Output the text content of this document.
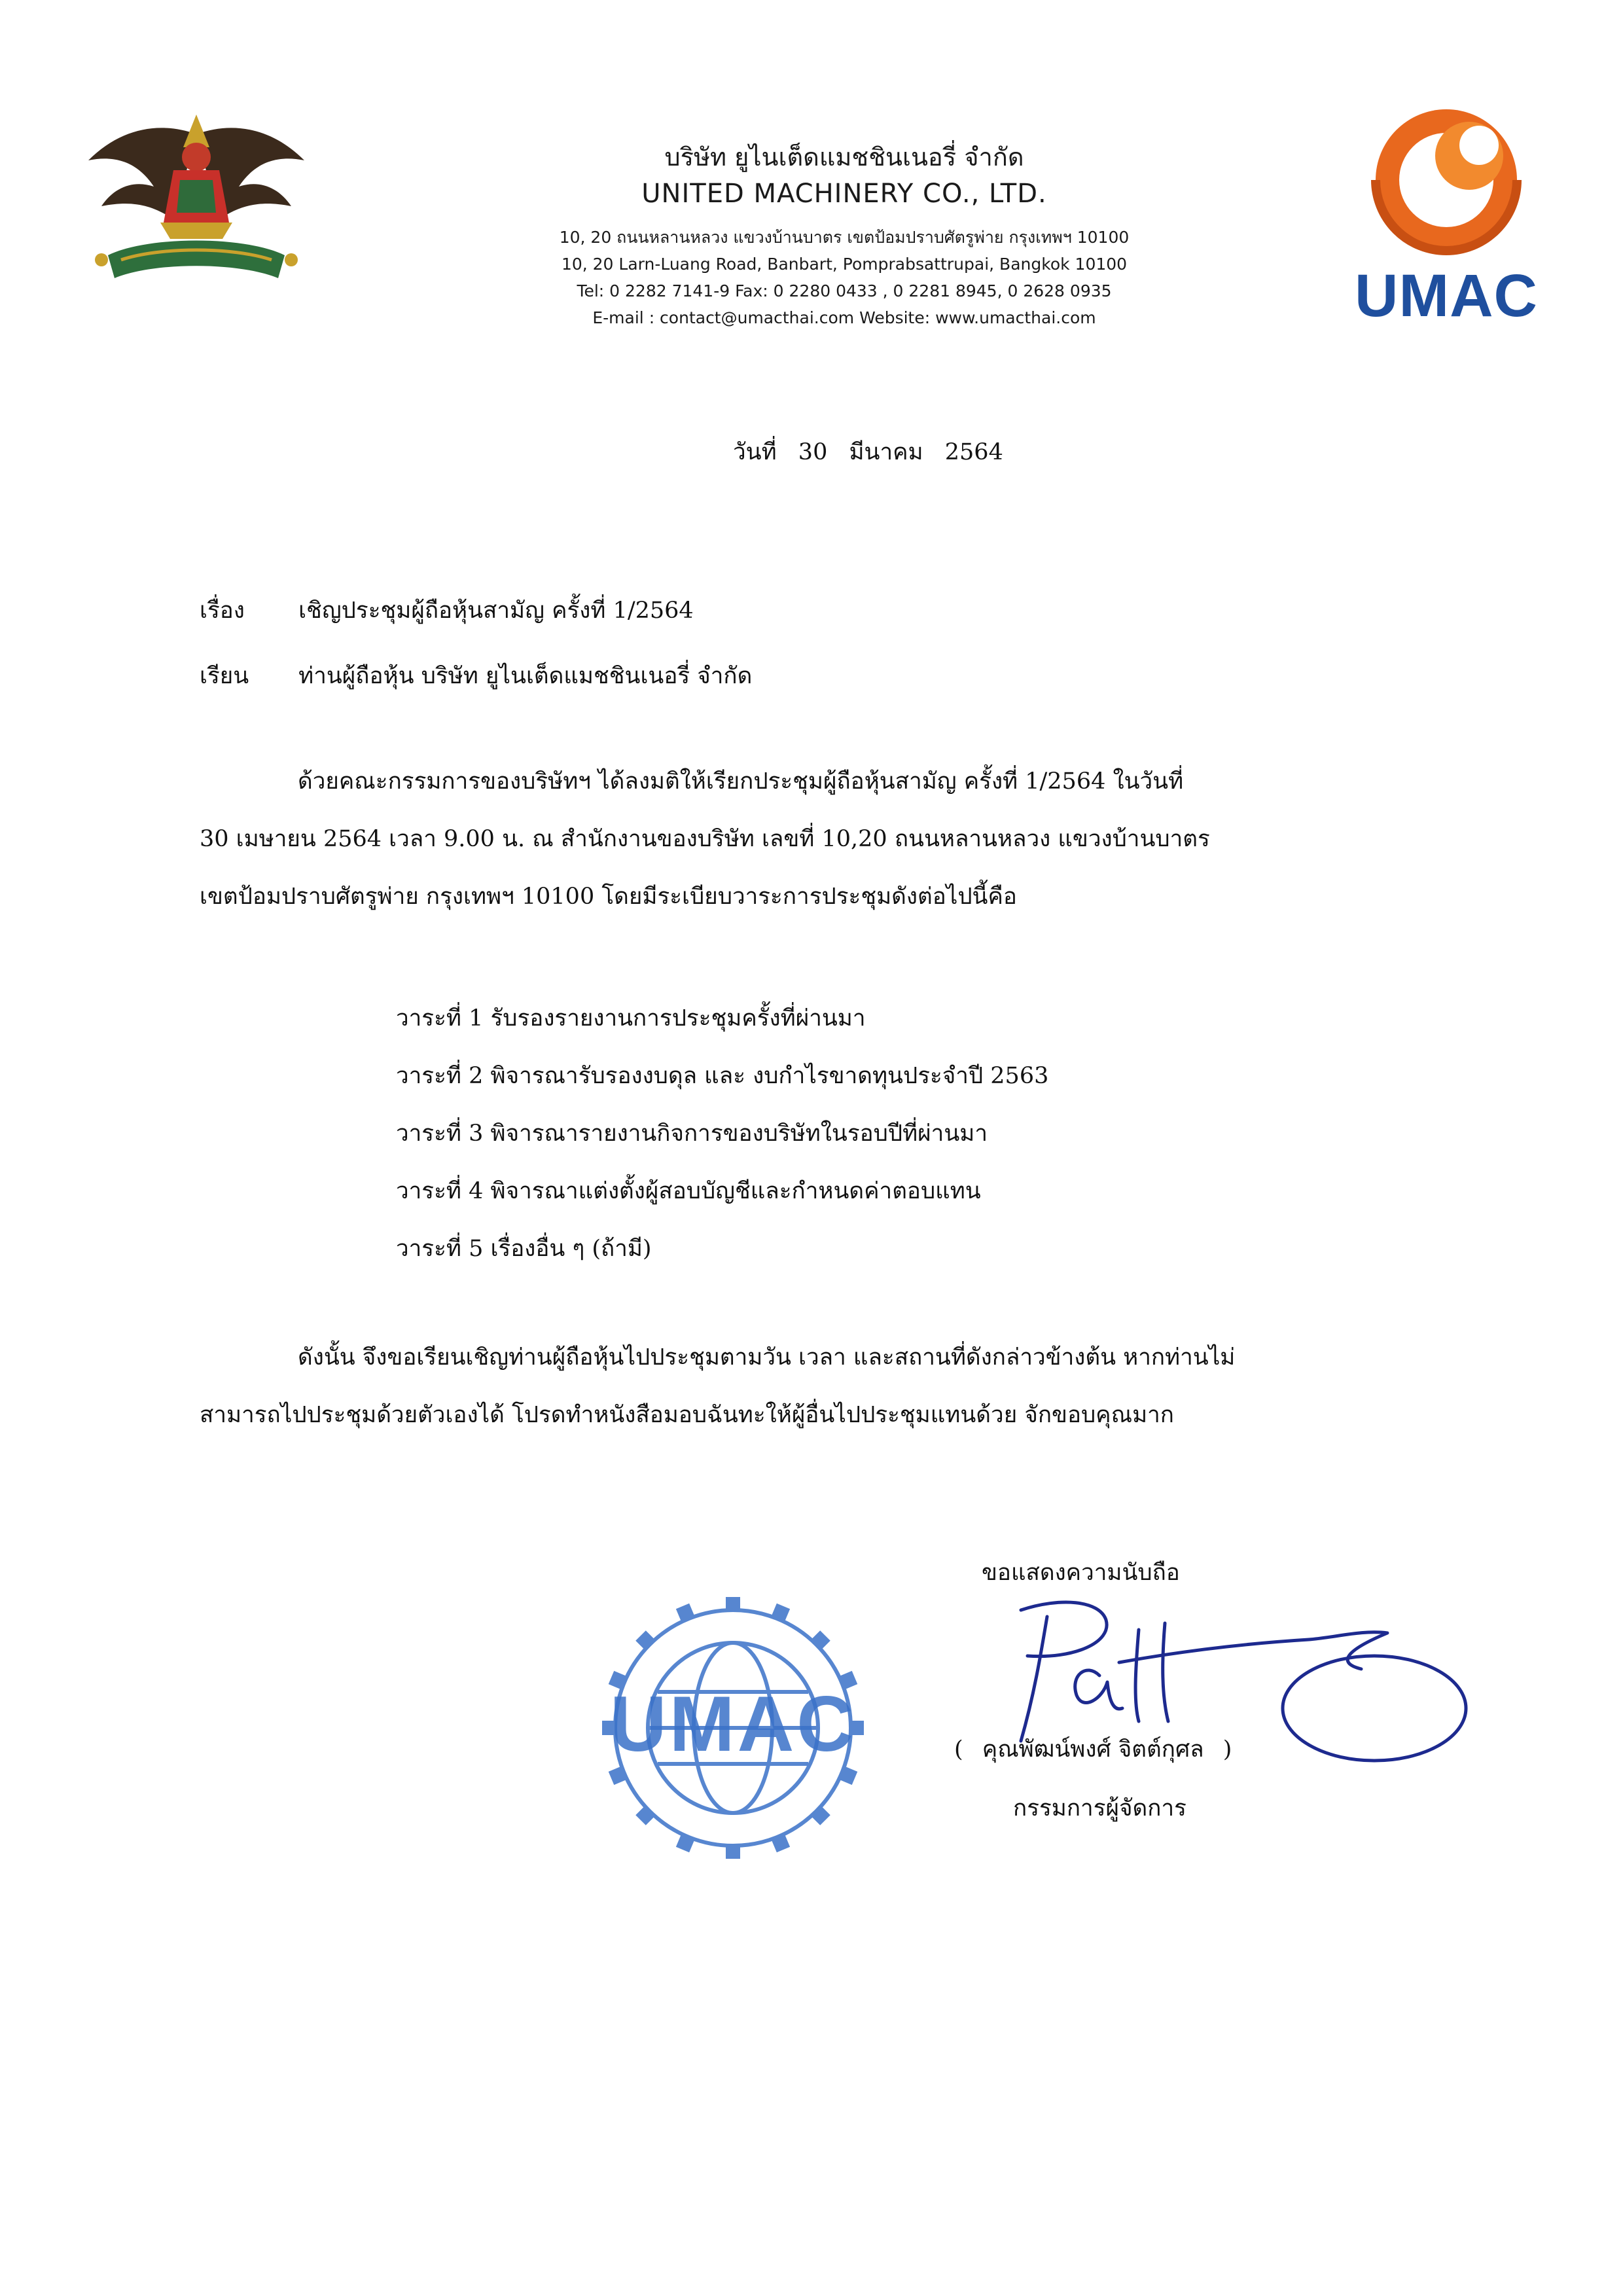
บริษัท ยูไนเต็ดแมชชินเนอรี่ จำกัด
UNITED MACHINERY CO., LTD.
10, 20 ถนนหลานหลวง แขวงบ้านบาตร เขตป้อมปราบศัตรูพ่าย กรุงเทพฯ 10100
10, 20 Larn-Luang Road, Banbart, Pomprabsattrupai, Bangkok 10100
Tel: 0 2282 7141-9 Fax: 0 2280 0433 , 0 2281 8945, 0 2628 0935
E-mail : contact@umacthai.com Website: www.umacthai.com	UMAC
วันที่ 30 มีนาคม 2564
เรื่อง เชิญประชุมผู้ถือหุ้นสามัญ ครั้งที่ 1/2564
เรียน ท่านผู้ถือหุ้น บริษัท ยูไนเต็ดแมชชินเนอรี่ จำกัด

ด้วยคณะกรรมการของบริษัทฯ ได้ลงมติให้เรียกประชุมผู้ถือหุ้นสามัญ ครั้งที่ 1/2564 ในวันที่

30 เมษายน 2564 เวลา 9.00 น. ณ สำนักงานของบริษัท เลขที่ 10,20 ถนนหลานหลวง แขวงบ้านบาตร

เขตป้อมปราบศัตรูพ่าย กรุงเทพฯ 10100 โดยมีระเบียบวาระการประชุมดังต่อไปนี้คือ

วาระที่ 1 รับรองรายงานการประชุมครั้งที่ผ่านมา
วาระที่ 2 พิจารณารับรองงบดุล และ งบกำไรขาดทุนประจำปี 2563
วาระที่ 3 พิจารณารายงานกิจการของบริษัทในรอบปีที่ผ่านมา
วาระที่ 4 พิจารณาแต่งตั้งผู้สอบบัญชีและกำหนดค่าตอบแทน
วาระที่ 5 เรื่องอื่น ๆ (ถ้ามี)

ดังนั้น จึงขอเรียนเชิญท่านผู้ถือหุ้นไปประชุมตามวัน เวลา และสถานที่ดังกล่าวข้างต้น หากท่านไม่

สามารถไปประชุมด้วยตัวเองได้ โปรดทำหนังสือมอบฉันทะให้ผู้อื่นไปประชุมแทนด้วย จักขอบคุณมาก

UMAC
ขอแสดงความนับถือ
( คุณพัฒน์พงศ์ จิตต์กุศล )
กรรมการผู้จัดการ
